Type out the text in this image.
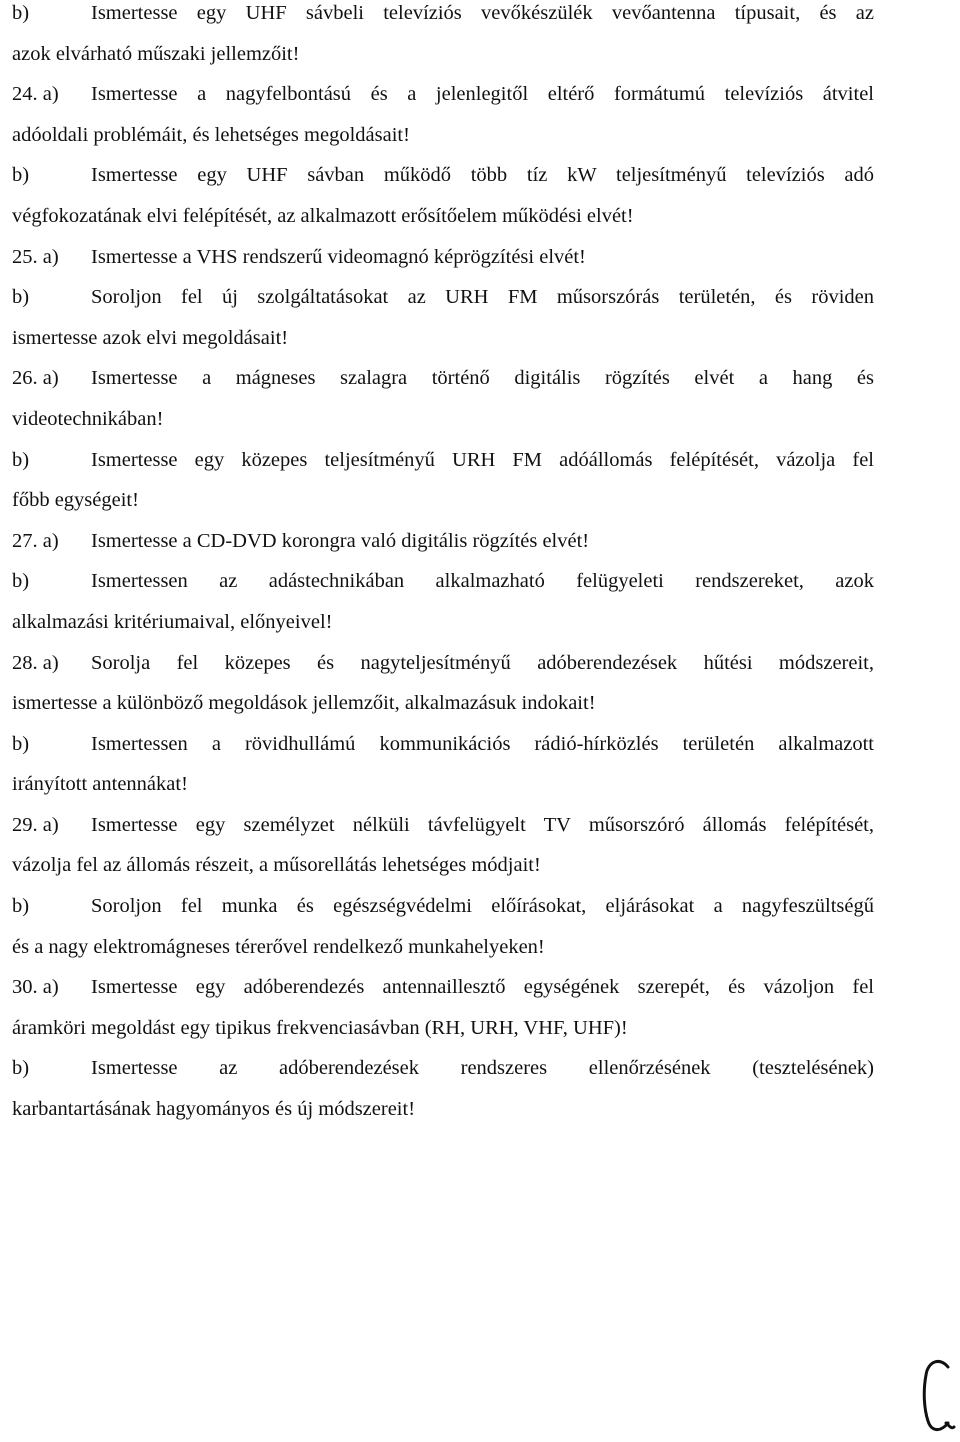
b)	Ismertesse egy UHF sávbeli televíziós vevőkészülék vevőantenna típusait, és az
azok elvárható műszaki jellemzőit!
24. a)	Ismertesse a nagyfelbontású és a jelenlegitől eltérő formátumú televíziós átvitel
adóoldali problémáit, és lehetséges megoldásait!
b)	Ismertesse egy UHF sávban működő több tíz kW teljesítményű televíziós adó
végfokozatának elvi felépítését, az alkalmazott erősítőelem működési elvét!
25. a)	Ismertesse a VHS rendszerű videomagnó képrögzítési elvét!
b)	Soroljon fel új szolgáltatásokat az URH FM műsorszórás területén, és röviden
ismertesse azok elvi megoldásait!
26. a)	Ismertesse a mágneses szalagra történő digitális rögzítés elvét a hang és
videotechnikában!
b)	Ismertesse egy közepes teljesítményű URH FM adóállomás felépítését, vázolja fel
főbb egységeit!
27. a)	Ismertesse a CD-DVD korongra való digitális rögzítés elvét!
b)	Ismertessen az adástechnikában alkalmazható felügyeleti rendszereket, azok
alkalmazási kritériumaival, előnyeivel!
28. a)	Sorolja fel közepes és nagyteljesítményű adóberendezések hűtési módszereit,
ismertesse a különböző megoldások jellemzőit, alkalmazásuk indokait!
b)	Ismertessen a rövidhullámú kommunikációs rádió-hírközlés területén alkalmazott
irányított antennákat!
29. a)	Ismertesse egy személyzet nélküli távfelügyelt TV műsorszóró állomás felépítését,
vázolja fel az állomás részeit, a műsorellátás lehetséges módjait!
b)	Soroljon fel munka és egészségvédelmi előírásokat, eljárásokat a nagyfeszültségű
és a nagy elektromágneses térerővel rendelkező munkahelyeken!
30. a)	Ismertesse egy adóberendezés antennaillesztő egységének szerepét, és vázoljon fel
áramköri megoldást egy tipikus frekvenciasávban (RH, URH, VHF, UHF)!
b)	Ismertesse az adóberendezések rendszeres ellenőrzésének (tesztelésének)
karbantartásának hagyományos és új módszereit!
